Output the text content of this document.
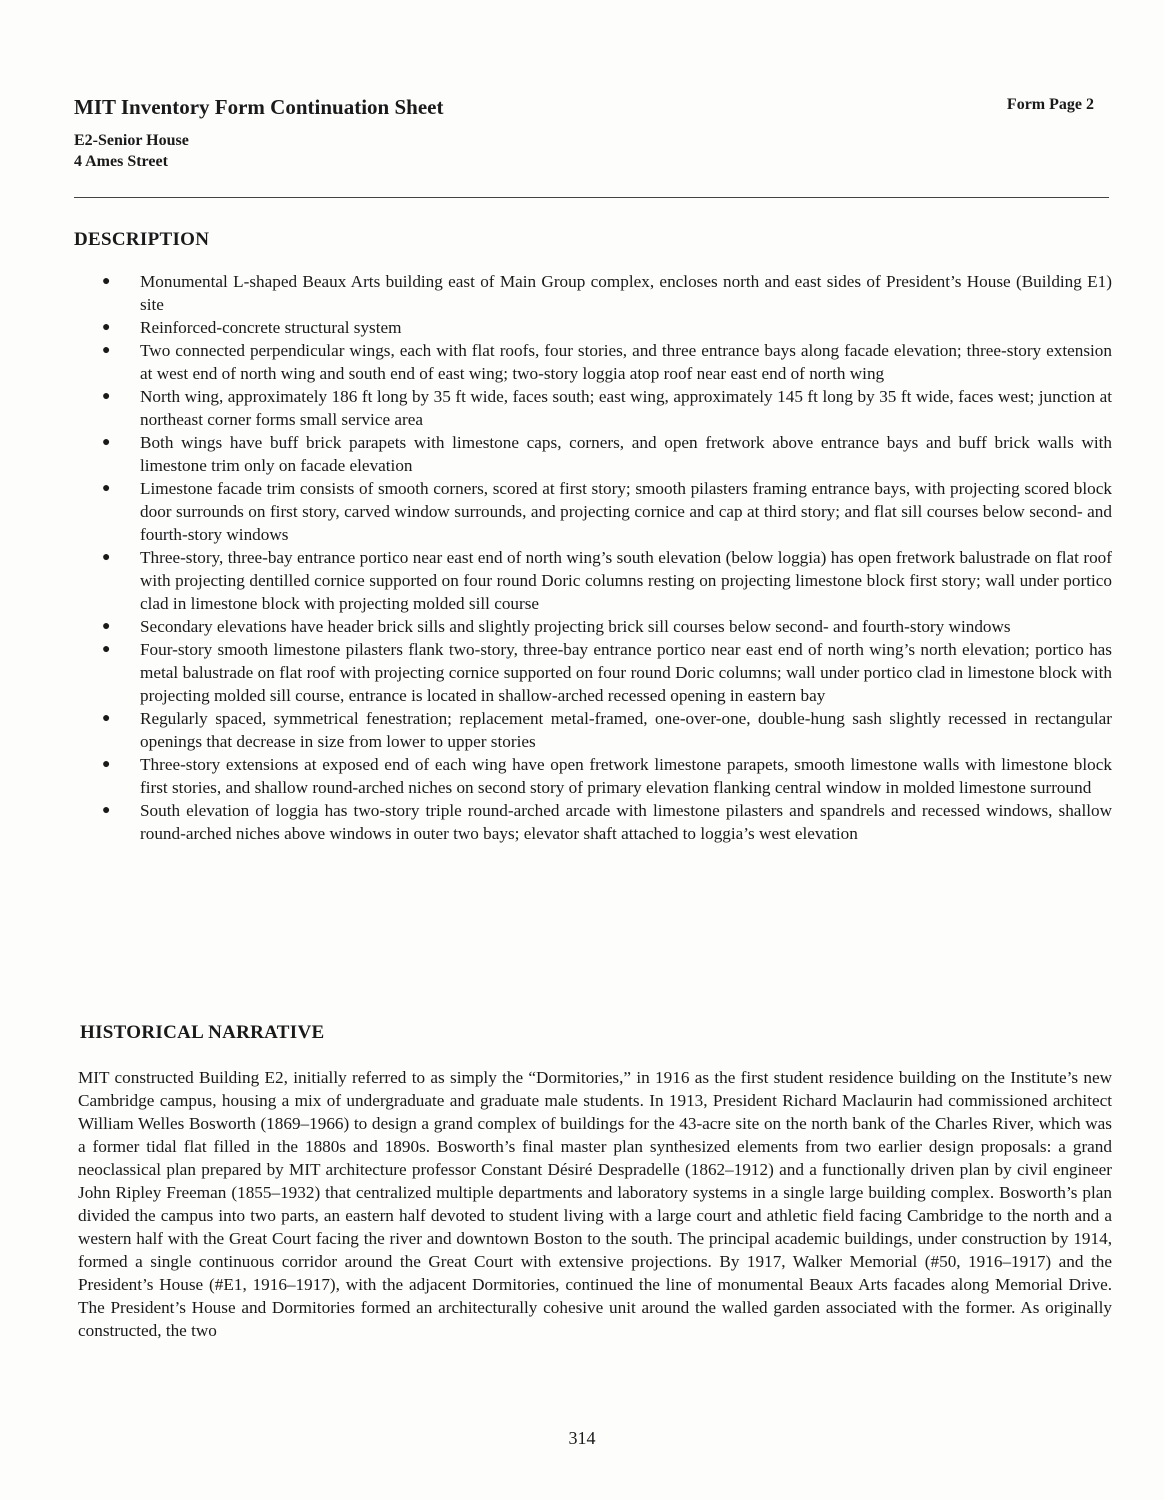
MIT Inventory Form Continuation Sheet	Form Page 2

E2-Senior House

4 Ames Street

DESCRIPTION
● Monumental L-shaped Beaux Arts building east of Main Group complex, encloses north and east sides of President’s House (Building E1) site
● Reinforced-concrete structural system
● Two connected perpendicular wings, each with flat roofs, four stories, and three entrance bays along facade elevation; three-story extension at west end of north wing and south end of east wing; two-story loggia atop roof near east end of north wing
● North wing, approximately 186 ft long by 35 ft wide, faces south; east wing, approximately 145 ft long by 35 ft wide, faces west; junction at northeast corner forms small service area
● Both wings have buff brick parapets with limestone caps, corners, and open fretwork above entrance bays and buff brick walls with limestone trim only on facade elevation
● Limestone facade trim consists of smooth corners, scored at first story; smooth pilasters framing entrance bays, with projecting scored block door surrounds on first story, carved window surrounds, and projecting cornice and cap at third story; and flat sill courses below second- and fourth-story windows
● Three-story, three-bay entrance portico near east end of north wing’s south elevation (below loggia) has open fretwork balustrade on flat roof with projecting dentilled cornice supported on four round Doric columns resting on projecting limestone block first story; wall under portico clad in limestone block with projecting molded sill course
● Secondary elevations have header brick sills and slightly projecting brick sill courses below second- and fourth-story windows
● Four-story smooth limestone pilasters flank two-story, three-bay entrance portico near east end of north wing’s north elevation; portico has metal balustrade on flat roof with projecting cornice supported on four round Doric columns; wall under portico clad in limestone block with projecting molded sill course, entrance is located in shallow-arched recessed opening in eastern bay
● Regularly spaced, symmetrical fenestration; replacement metal-framed, one-over-one, double-hung sash slightly recessed in rectangular openings that decrease in size from lower to upper stories
● Three-story extensions at exposed end of each wing have open fretwork limestone parapets, smooth limestone walls with limestone block first stories, and shallow round-arched niches on second story of primary elevation flanking central window in molded limestone surround
● South elevation of loggia has two-story triple round-arched arcade with limestone pilasters and spandrels and recessed windows, shallow round-arched niches above windows in outer two bays; elevator shaft attached to loggia’s west elevation
HISTORICAL NARRATIVE

MIT constructed Building E2, initially referred to as simply the “Dormitories,” in 1916 as the first student residence building on the Institute’s new Cambridge campus, housing a mix of undergraduate and graduate male students. In 1913, President Richard Maclaurin had commissioned architect William Welles Bosworth (1869–1966) to design a grand complex of buildings for the 43-acre site on the north bank of the Charles River, which was a former tidal flat filled in the 1880s and 1890s. Bosworth’s final master plan synthesized elements from two earlier design proposals: a grand neoclassical plan prepared by MIT architecture professor Constant Désiré Despradelle (1862–1912) and a functionally driven plan by civil engineer John Ripley Freeman (1855–1932) that centralized multiple departments and laboratory systems in a single large building complex. Bosworth’s plan divided the campus into two parts, an eastern half devoted to student living with a large court and athletic field facing Cambridge to the north and a western half with the Great Court facing the river and downtown Boston to the south. The principal academic buildings, under construction by 1914, formed a single continuous corridor around the Great Court with extensive projections. By 1917, Walker Memorial (#50, 1916–1917) and the President’s House (#E1, 1916–1917), with the adjacent Dormitories, continued the line of monumental Beaux Arts facades along Memorial Drive. The President’s House and Dormitories formed an architecturally cohesive unit around the walled garden associated with the former. As originally constructed, the two

314
